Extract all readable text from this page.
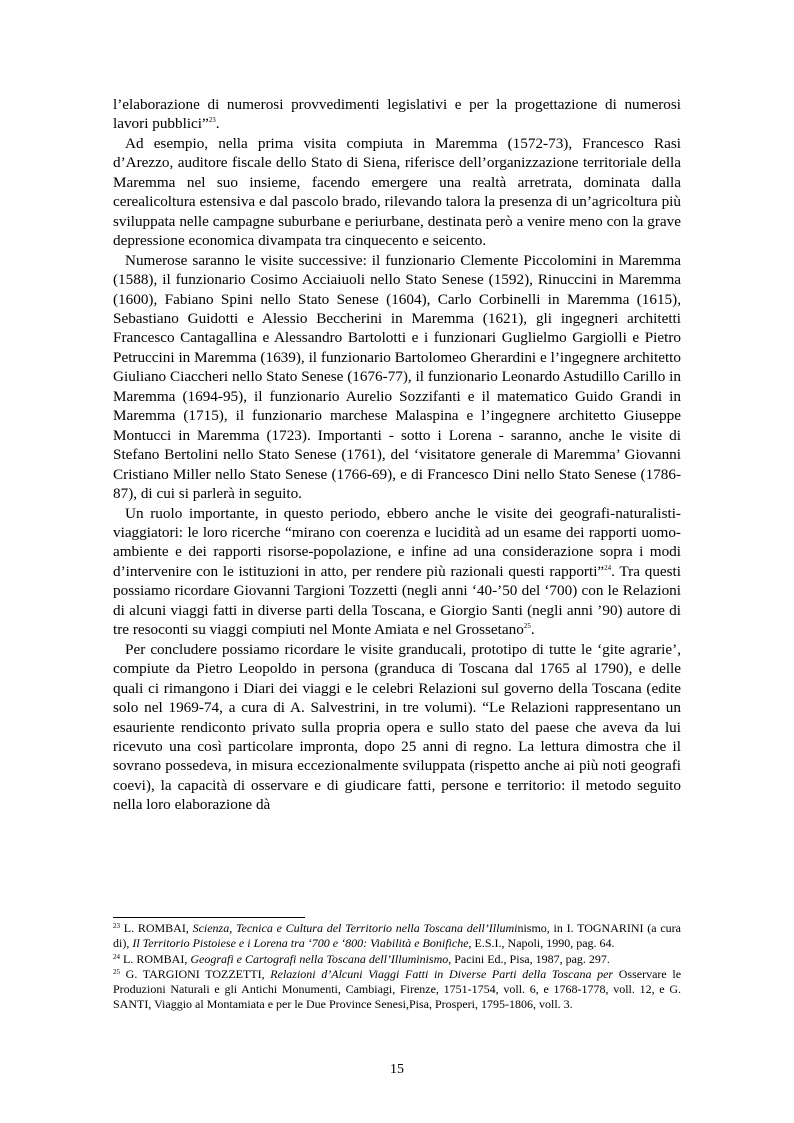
l’elaborazione di numerosi provvedimenti legislativi e per la progettazione di numerosi lavori pubblici”$^{23}$.

Ad esempio, nella prima visita compiuta in Maremma (1572-73), Francesco Rasi d’Arezzo, auditore fiscale dello Stato di Siena, riferisce dell’organizzazione territoriale della Maremma nel suo insieme, facendo emergere una realtà arretrata, dominata dalla cerealicoltura estensiva e dal pascolo brado, rilevando talora la presenza di un’agricoltura più sviluppata nelle campagne suburbane e periurbane, destinata però a venire meno con la grave depressione economica divampata tra cinquecento e seicento.

Numerose saranno le visite successive: il funzionario Clemente Piccolomini in Maremma (1588), il funzionario Cosimo Acciaiuoli nello Stato Senese (1592), Rinuccini in Maremma (1600), Fabiano Spini nello Stato Senese (1604), Carlo Corbinelli in Maremma (1615), Sebastiano Guidotti e Alessio Beccherini in Maremma (1621), gli ingegneri architetti Francesco Cantagallina e Alessandro Bartolotti e i funzionari Guglielmo Gargiolli e Pietro Petruccini in Maremma (1639), il funzionario Bartolomeo Gherardini e l’ingegnere architetto Giuliano Ciaccheri nello Stato Senese (1676-77), il funzionario Leonardo Astudillo Carillo in Maremma (1694-95), il funzionario Aurelio Sozzifanti e il matematico Guido Grandi in Maremma (1715), il funzionario marchese Malaspina e l’ingegnere architetto Giuseppe Montucci in Maremma (1723). Importanti - sotto i Lorena - saranno, anche le visite di Stefano Bertolini nello Stato Senese (1761), del ‘visitatore generale di Maremma’ Giovanni Cristiano Miller nello Stato Senese (1766-69), e di Francesco Dini nello Stato Senese (1786-87), di cui si parlerà in seguito.

Un ruolo importante, in questo periodo, ebbero anche le visite dei geografi-naturalisti-viaggiatori: le loro ricerche “mirano con coerenza e lucidità ad un esame dei rapporti uomo-ambiente e dei rapporti risorse-popolazione, e infine ad una considerazione sopra i modi d’intervenire con le istituzioni in atto, per rendere più razionali questi rapporti”$^{24}$. Tra questi possiamo ricordare Giovanni Targioni Tozzetti (negli anni ‘40-’50 del ‘700) con le Relazioni di alcuni viaggi fatti in diverse parti della Toscana, e Giorgio Santi (negli anni ’90) autore di tre resoconti su viaggi compiuti nel Monte Amiata e nel Grossetano$^{25}$.

Per concludere possiamo ricordare le visite granducali, prototipo di tutte le ‘gite agrarie’, compiute da Pietro Leopoldo in persona (granduca di Toscana dal 1765 al 1790), e delle quali ci rimangono i Diari dei viaggi e le celebri Relazioni sul governo della Toscana (edite solo nel 1969-74, a cura di A. Salvestrini, in tre volumi). “Le Relazioni rappresentano un esauriente rendiconto privato sulla propria opera e sullo stato del paese che aveva da lui ricevuto una così particolare impronta, dopo 25 anni di regno. La lettura dimostra che il sovrano possedeva, in misura eccezionalmente sviluppata (rispetto anche ai più noti geografi coevi), la capacità di osservare e di giudicare fatti, persone e territorio: il metodo seguito nella loro elaborazione dà

$^{23}$ L. ROMBAI, Scienza, Tecnica e Cultura del Territorio nella Toscana dell’Illuminismo, in I. TOGNARINI (a cura di), Il Territorio Pistoiese e i Lorena tra ‘700 e ‘800: Viabilità e Bonifiche, E.S.I., Napoli, 1990, pag. 64.

$^{24}$ L. ROMBAI, Geografi e Cartografi nella Toscana dell’Illuminismo, Pacini Ed., Pisa, 1987, pag. 297.

$^{25}$ G. TARGIONI TOZZETTI, Relazioni d’Alcuni Viaggi Fatti in Diverse Parti della Toscana per Osservare le Produzioni Naturali e gli Antichi Monumenti, Cambiagi, Firenze, 1751-1754, voll. 6, e 1768-1778, voll. 12, e G. SANTI, Viaggio al Montamiata e per le Due Province Senesi,Pisa, Prosperi, 1795-1806, voll. 3.

15
